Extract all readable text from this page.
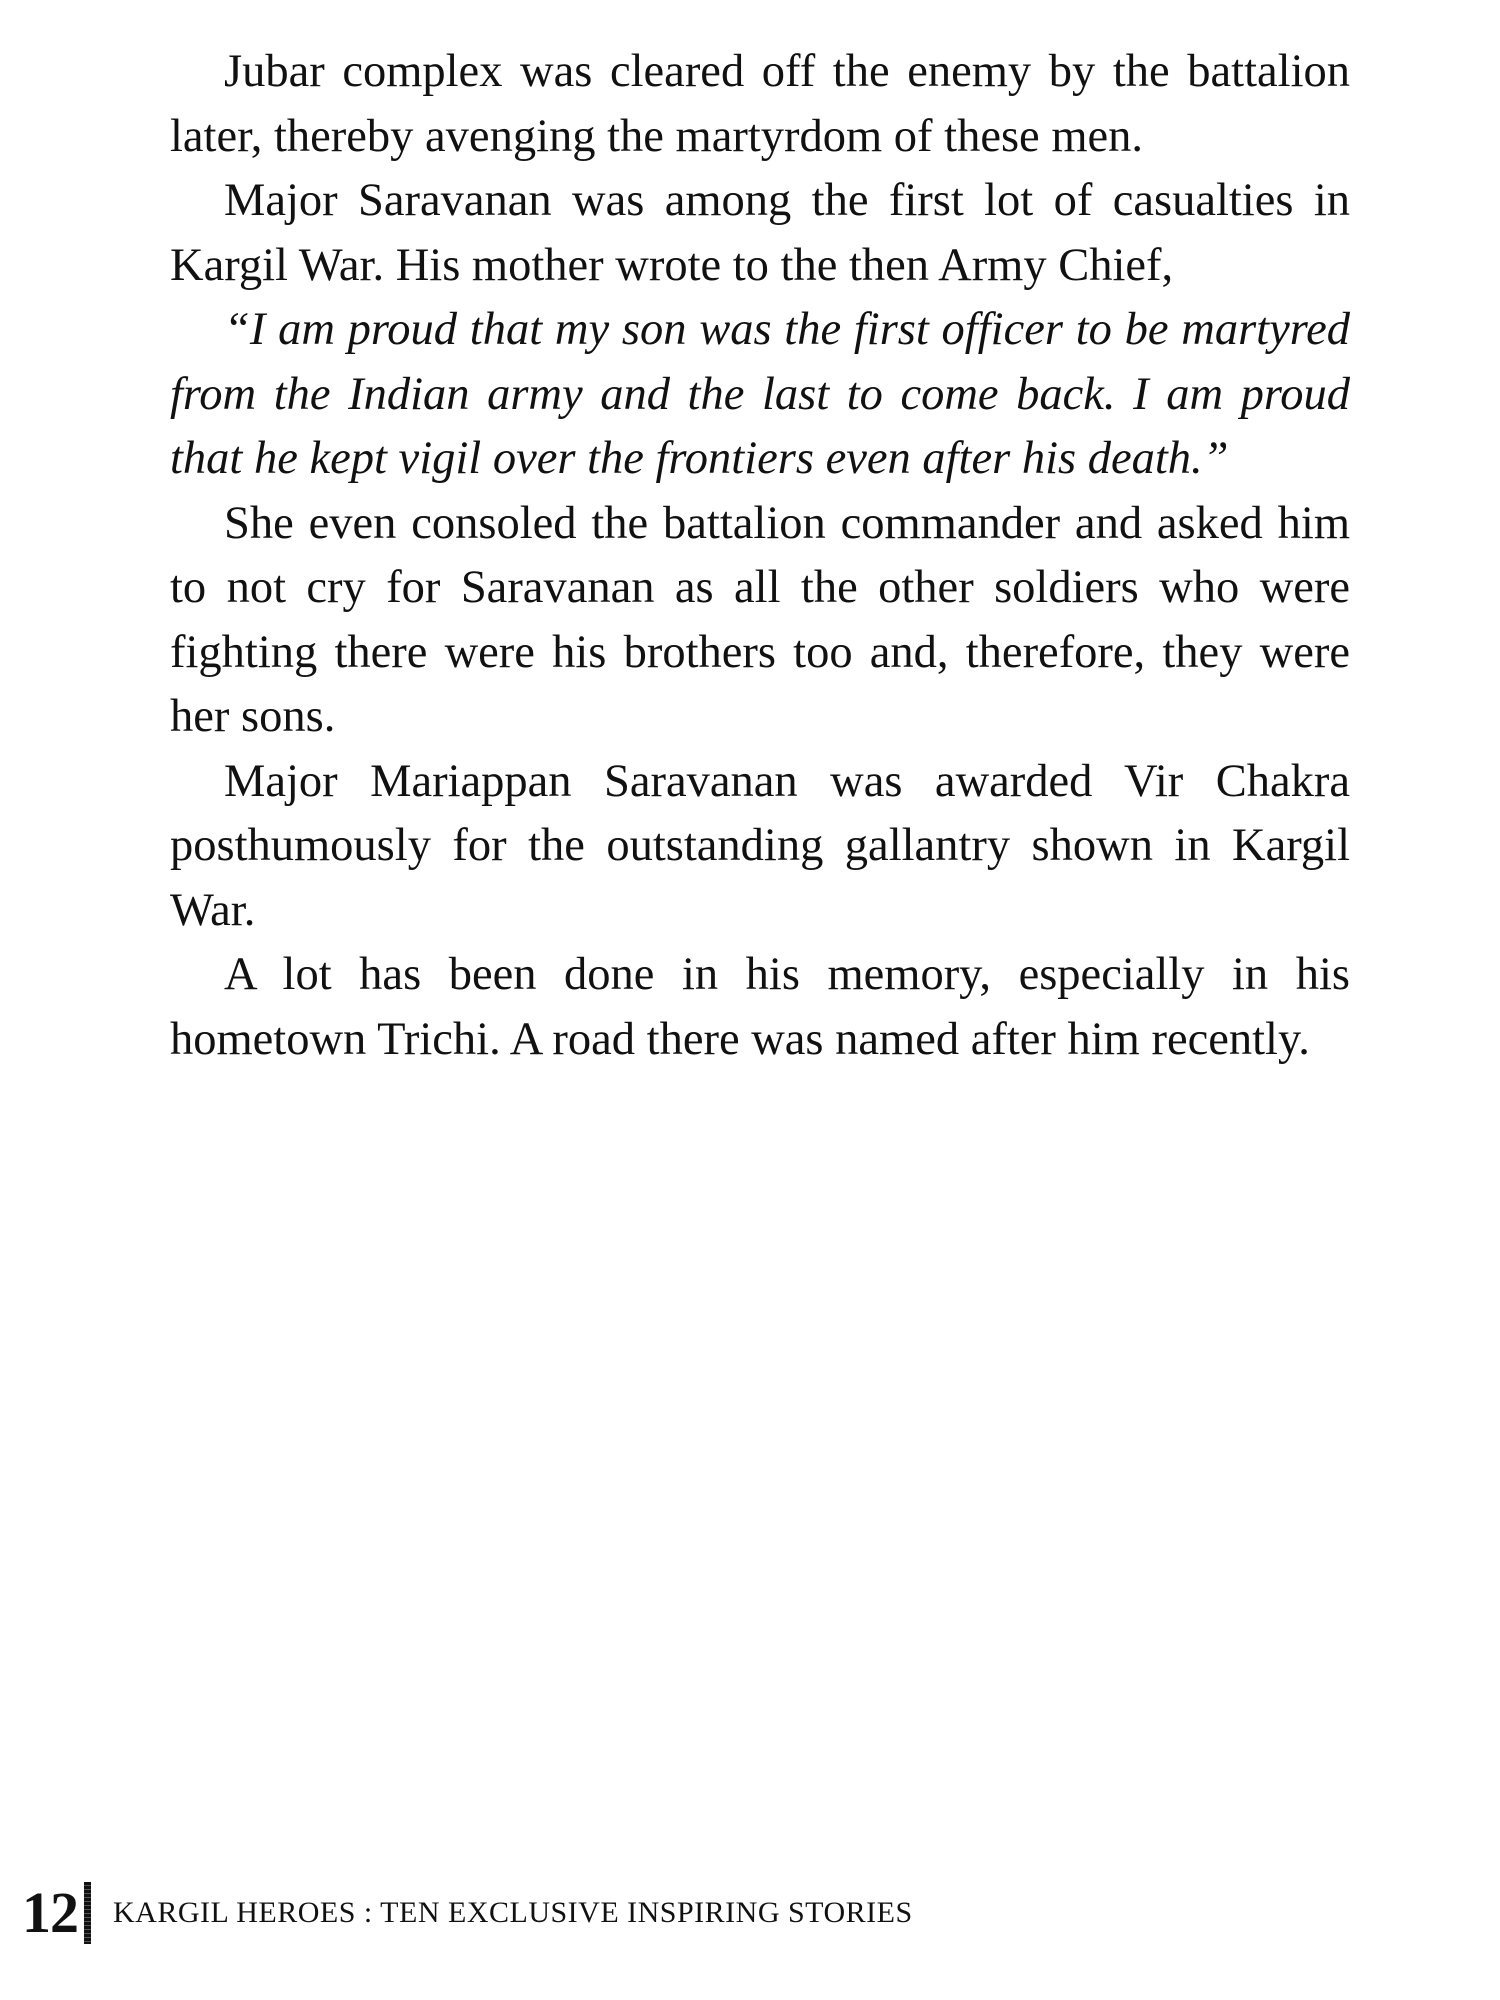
Jubar complex was cleared off the enemy by the battalion later, thereby avenging the martyrdom of these men.

Major Saravanan was among the first lot of casualties in Kargil War. His mother wrote to the then Army Chief,

“I am proud that my son was the first officer to be martyred from the Indian army and the last to come back. I am proud that he kept vigil over the frontiers even after his death.”

She even consoled the battalion commander and asked him to not cry for Saravanan as all the other soldiers who were fighting there were his brothers too and, therefore, they were her sons.

Major Mariappan Saravanan was awarded Vir Chakra posthumously for the outstanding gallantry shown in Kargil War.

A lot has been done in his memory, especially in his hometown Trichi. A road there was named after him recently.

12 KARGIL HEROES : TEN EXCLUSIVE INSPIRING STORIES
